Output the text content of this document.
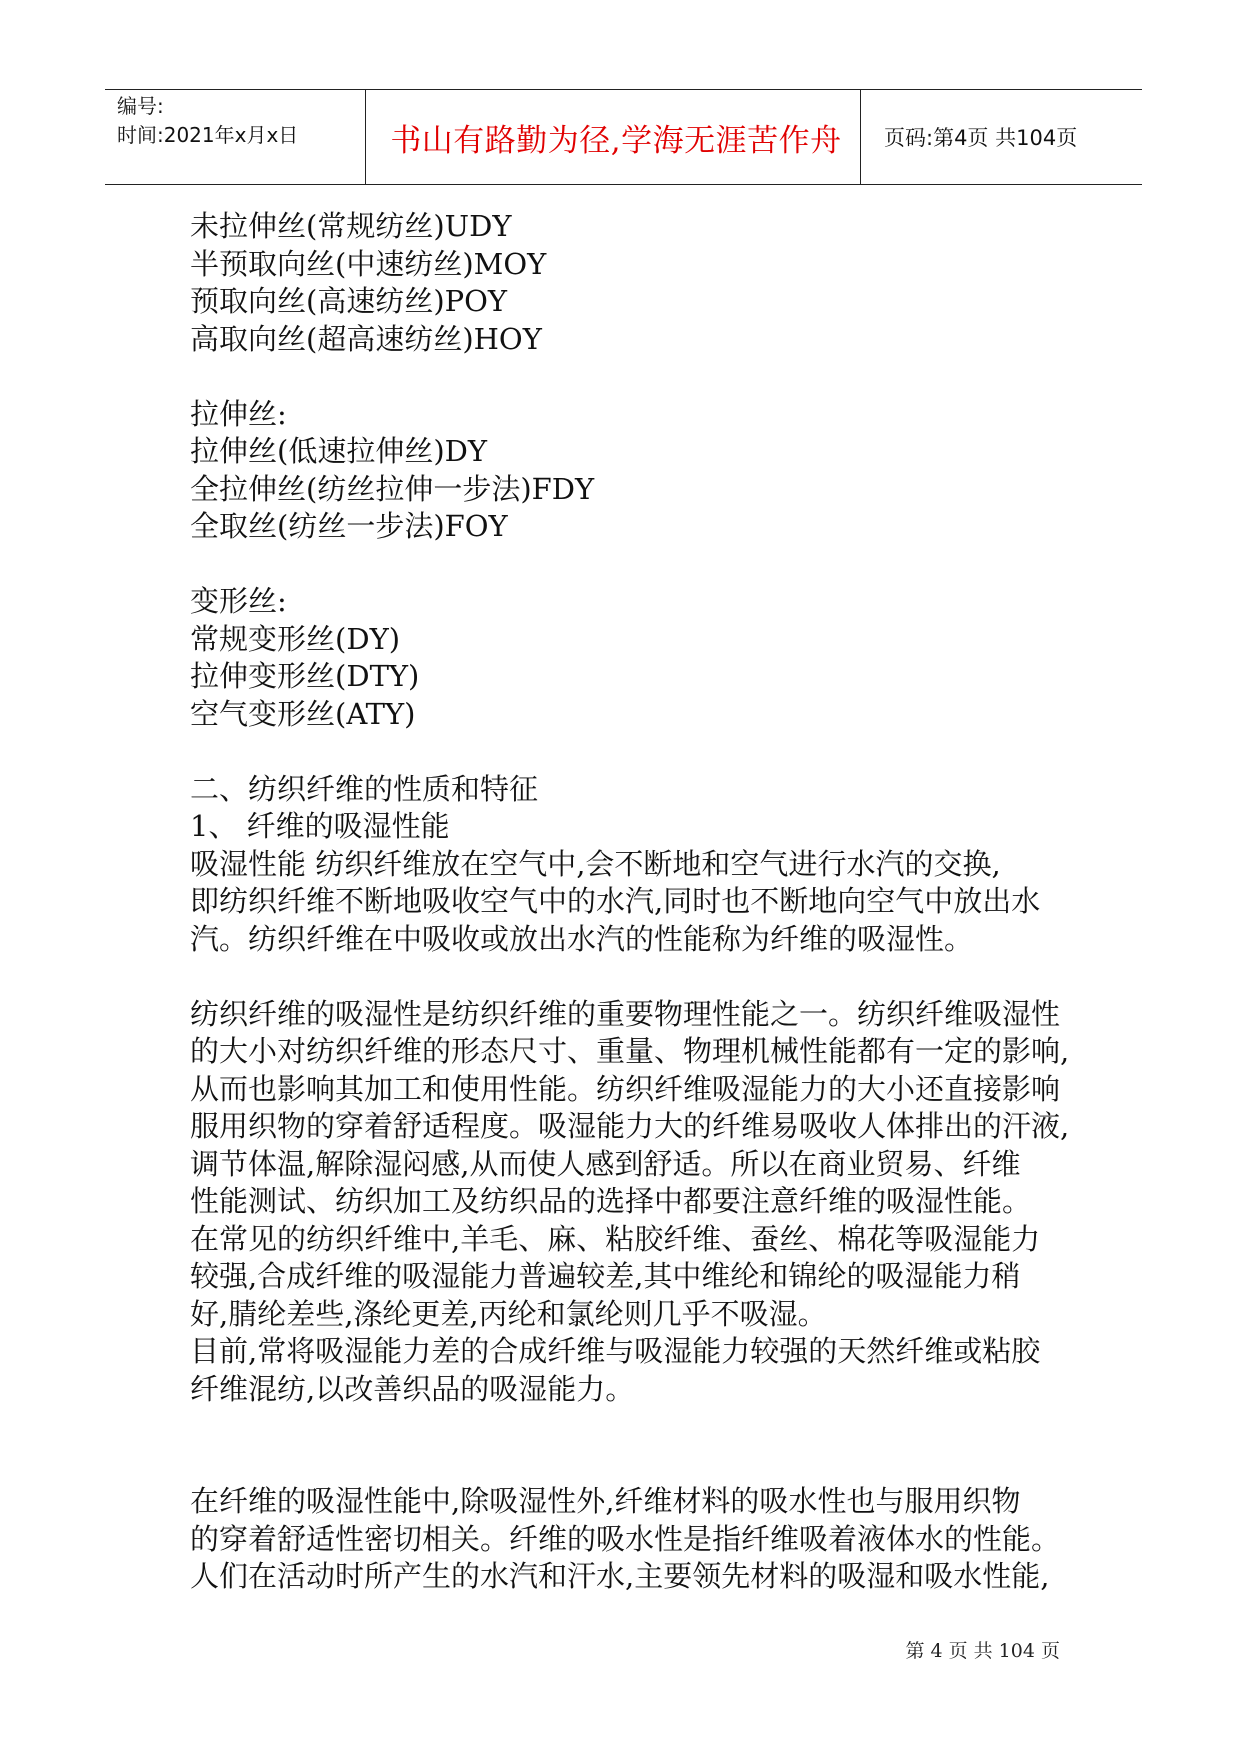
编号:
时间:2021年x月x日	书山有路勤为径,学海无涯苦作舟	页码:第4页 共104页

未拉伸丝(常规纺丝)UDY

半预取向丝(中速纺丝)MOY

预取向丝(高速纺丝)POY

高取向丝(超高速纺丝)HOY

拉伸丝:

拉伸丝(低速拉伸丝)DY

全拉伸丝(纺丝拉伸一步法)FDY

全取丝(纺丝一步法)FOY

变形丝:

常规变形丝(DY)

拉伸变形丝(DTY)

空气变形丝(ATY)

二、纺织纤维的性质和特征

1、 纤维的吸湿性能

吸湿性能 纺织纤维放在空气中,会不断地和空气进行水汽的交换,

即纺织纤维不断地吸收空气中的水汽,同时也不断地向空气中放出水

汽。纺织纤维在中吸收或放出水汽的性能称为纤维的吸湿性。

纺织纤维的吸湿性是纺织纤维的重要物理性能之一。纺织纤维吸湿性

的大小对纺织纤维的形态尺寸、重量、物理机械性能都有一定的影响,

从而也影响其加工和使用性能。纺织纤维吸湿能力的大小还直接影响

服用织物的穿着舒适程度。吸湿能力大的纤维易吸收人体排出的汗液,

调节体温,解除湿闷感,从而使人感到舒适。所以在商业贸易、纤维

性能测试、纺织加工及纺织品的选择中都要注意纤维的吸湿性能。

在常见的纺织纤维中,羊毛、麻、粘胶纤维、蚕丝、棉花等吸湿能力

较强,合成纤维的吸湿能力普遍较差,其中维纶和锦纶的吸湿能力稍

好,腈纶差些,涤纶更差,丙纶和氯纶则几乎不吸湿。

目前,常将吸湿能力差的合成纤维与吸湿能力较强的天然纤维或粘胶

纤维混纺,以改善织品的吸湿能力。

在纤维的吸湿性能中,除吸湿性外,纤维材料的吸水性也与服用织物

的穿着舒适性密切相关。纤维的吸水性是指纤维吸着液体水的性能。

人们在活动时所产生的水汽和汗水,主要领先材料的吸湿和吸水性能,

第 4 页 共 104 页
